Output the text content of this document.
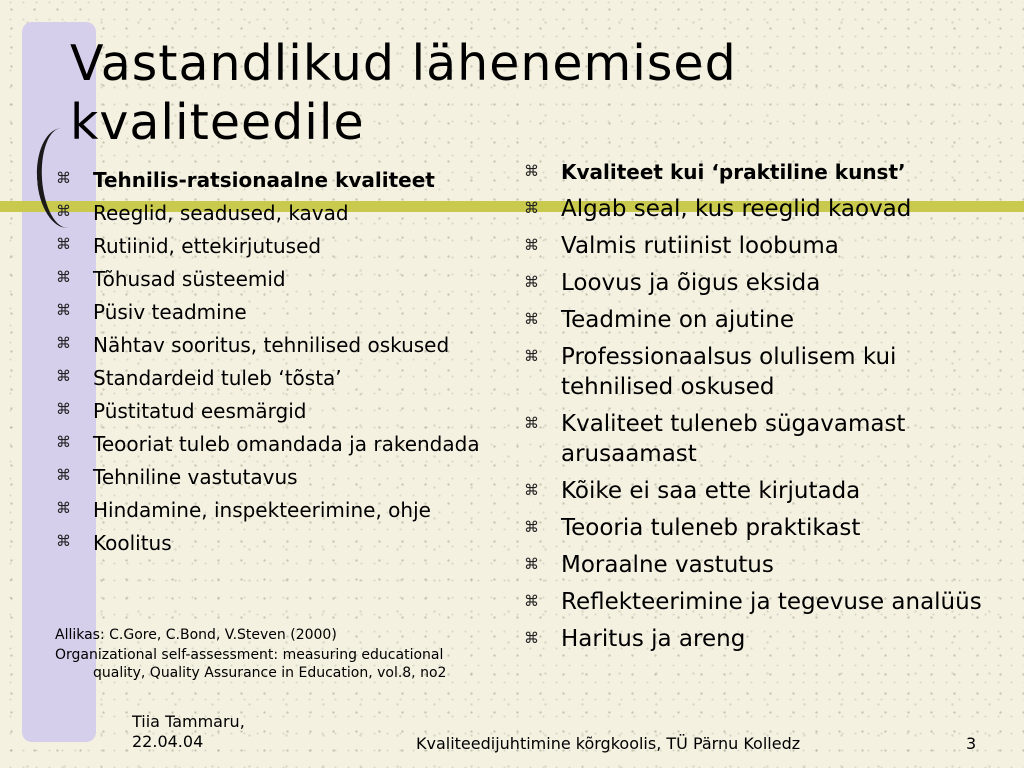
Vastandlikud lähenemised kvaliteedile
⌘ Tehnilis-ratsionaalne kvaliteet
⌘ Reeglid, seadused, kavad
⌘ Rutiinid, ettekirjutused
⌘ Tõhusad süsteemid
⌘ Püsiv teadmine
⌘ Nähtav sooritus, tehnilised oskused
⌘ Standardeid tuleb ‘tõsta’
⌘ Püstitatud eesmärgid
⌘ Teooriat tuleb omandada ja rakendada
⌘ Tehniline vastutavus
⌘ Hindamine, inspekteerimine, ohje
⌘ Koolitus

Allikas: C.Gore, C.Bond, V.Steven (2000)

Organizational self-assessment: measuring educational quality, Quality Assurance in Education, vol.8, no2

⌘ Kvaliteet kui ‘praktiline kunst’
⌘ Algab seal, kus reeglid kaovad
⌘ Valmis rutiinist loobuma
⌘ Loovus ja õigus eksida
⌘ Teadmine on ajutine
⌘ Professionaalsus olulisem kui tehnilised oskused
⌘ Kvaliteet tuleneb sügavamast arusaamast
⌘ Kõike ei saa ette kirjutada
⌘ Teooria tuleneb praktikast
⌘ Moraalne vastutus
⌘ Reflekteerimine ja tegevuse analüüs
⌘ Haritus ja areng
Tiia Tammaru,
22.04.04	Kvaliteedijuhtimine kõrgkoolis, TÜ Pärnu Kolledz	3
